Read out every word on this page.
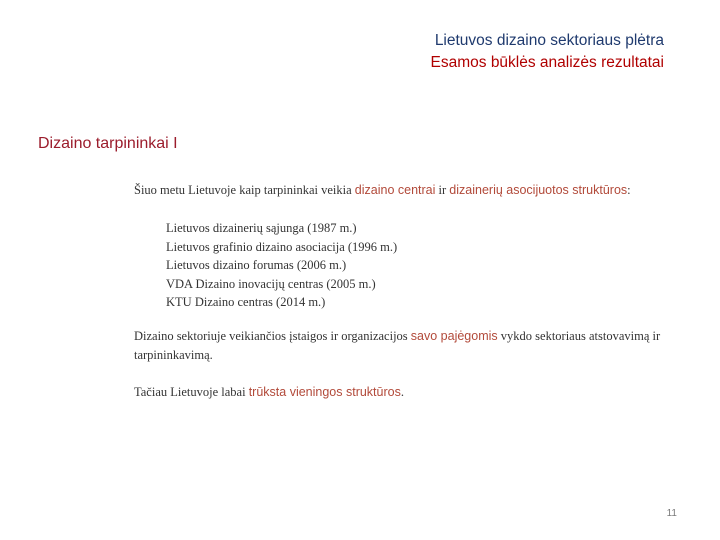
Lietuvos dizaino sektoriaus plėtra
Esamos būklės analizės rezultatai
Dizaino tarpininkai I
Šiuo metu Lietuvoje kaip tarpininkai veikia dizaino centrai ir dizainerių asocijuotos struktūros:
Lietuvos dizainerių sąjunga (1987 m.)
Lietuvos grafinio dizaino asociacija (1996 m.)
Lietuvos dizaino forumas (2006 m.)
VDA Dizaino inovacijų centras (2005 m.)
KTU Dizaino centras (2014 m.)
Dizaino sektoriuje veikiančios įstaigos ir organizacijos savo pajėgomis vykdo sektoriaus atstovavimą ir tarpininkavimą.
Tačiau Lietuvoje labai trūksta vieningos struktūros.
11
